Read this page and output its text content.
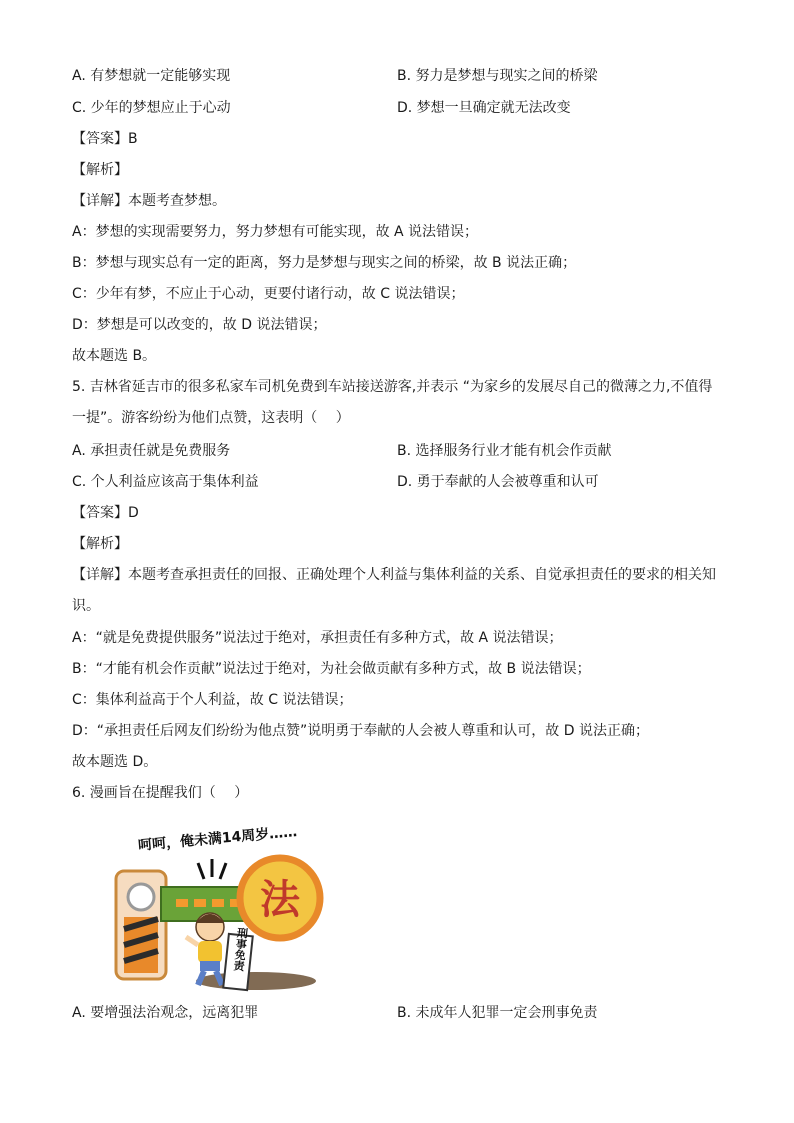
A. 有梦想就一定能够实现	B. 努力是梦想与现实之间的桥梁
C. 少年的梦想应止于心动	D. 梦想一旦确定就无法改变
【答案】B
【解析】
【详解】本题考查梦想。
A：梦想的实现需要努力，努力梦想有可能实现，故 A 说法错误；
B：梦想与现实总有一定的距离，努力是梦想与现实之间的桥梁，故 B 说法正确；
C：少年有梦，不应止于心动，更要付诸行动，故 C 说法错误；
D：梦想是可以改变的，故 D 说法错误；
故本题选 B。
5. 吉林省延吉市的很多私家车司机免费到车站接送游客,并表示 “为家乡的发展尽自己的微薄之力,不值得一提”。游客纷纷为他们点赞，这表明（　 ）
A. 承担责任就是免费服务	B. 选择服务行业才能有机会作贡献
C. 个人利益应该高于集体利益	D. 勇于奉献的人会被尊重和认可
【答案】D
【解析】
【详解】本题考查承担责任的回报、正确处理个人利益与集体利益的关系、自觉承担责任的要求的相关知识。
A：“就是免费提供服务”说法过于绝对，承担责任有多种方式，故 A 说法错误；
B：“才能有机会作贡献”说法过于绝对，为社会做贡献有多种方式，故 B 说法错误；
C：集体利益高于个人利益，故 C 说法错误；
D：“承担责任后网友们纷纷为他点赞”说明勇于奉献的人会被人尊重和认可，故 D 说法正确；
故本题选 D。
6. 漫画旨在提醒我们（　 ）
呵呵，俺未满14周岁……
法
刑事免责
A. 要增强法治观念，远离犯罪	B. 未成年人犯罪一定会刑事免责
